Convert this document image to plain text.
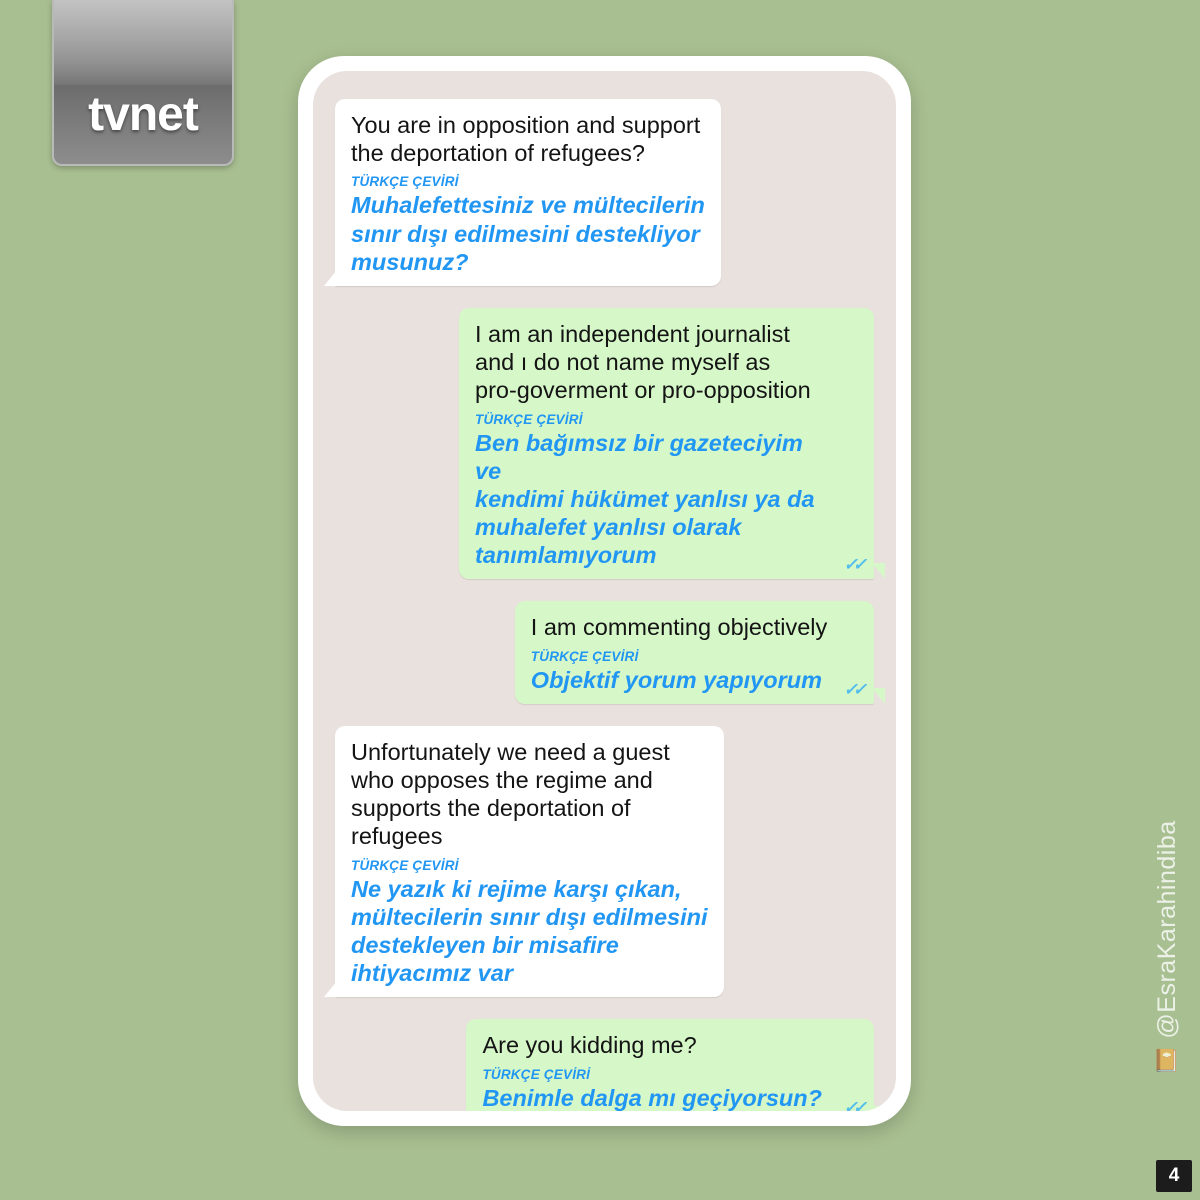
tvnet	You are in opposition and support
the deportation of refugees?
TÜRKÇE ÇEVİRİ
Muhalefettesiniz ve mültecilerin
sınır dışı edilmesini destekliyor
musunuz?
I am an independent journalist
and ı do not name myself as
pro-goverment or pro-opposition
TÜRKÇE ÇEVİRİ
Ben bağımsız bir gazeteciyim ve
kendimi hükümet yanlısı ya da
muhalefet yanlısı olarak
tanımlamıyorum	✓✓
I am commenting objectively
TÜRKÇE ÇEVİRİ
Objektif yorum yapıyorum	✓✓
Unfortunately we need a guest
who opposes the regime and
supports the deportation of
refugees
TÜRKÇE ÇEVİRİ
Ne yazık ki rejime karşı çıkan,
mültecilerin sınır dışı edilmesini
destekleyen bir misafire
ihtiyacımız var
Are you kidding me?
TÜRKÇE ÇEVİRİ
Benimle dalga mı geçiyorsun?	✓✓
📔
@EsraKarahindiba
4
